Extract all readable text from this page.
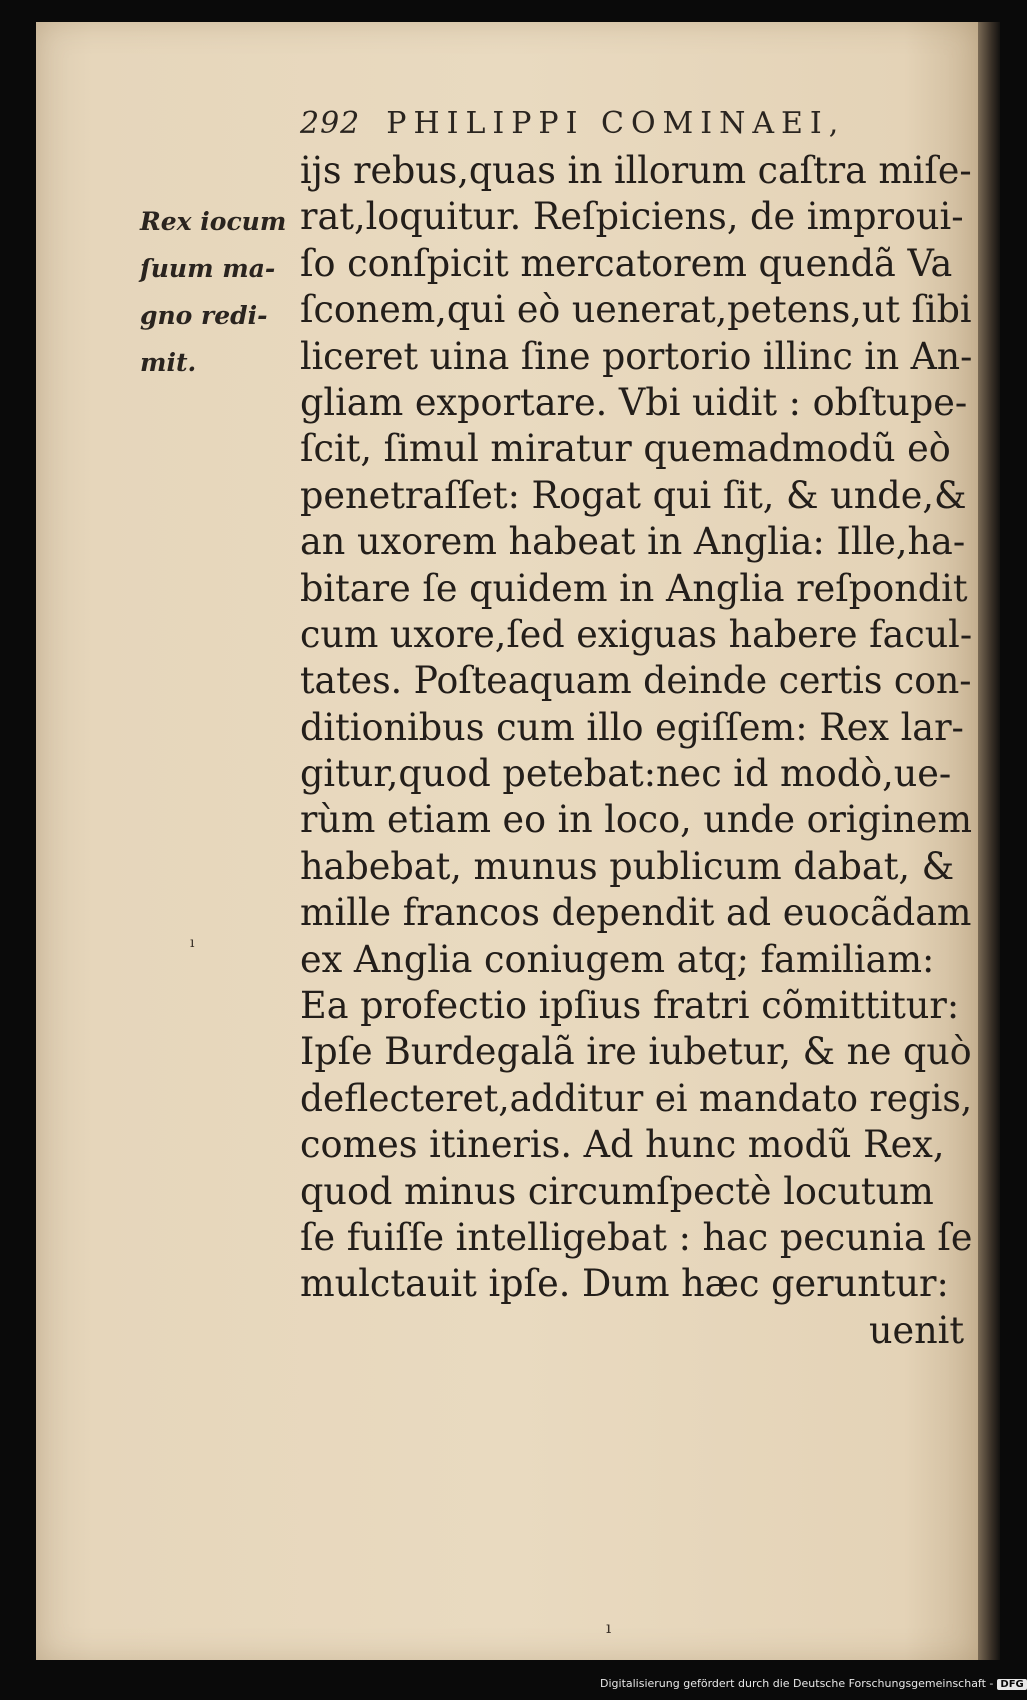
292 PHILIPPI COMINAEI,
Rex iocum
ſuum ma-
gno redi-
mit.
ijs rebus,quas in illorum caſtra miſe-
rat,loquitur. Reſpiciens, de improui-
ſo conſpicit mercatorem quendã Va
ſconem,qui eò uenerat,petens,ut ſibi
liceret uina ſine portorio illinc in An-
gliam exportare. Vbi uidit : obſtupe-
ſcit, ſimul miratur quemadmodũ eò
penetraſſet: Rogat qui ſit, & unde,&
an uxorem habeat in Anglia: Ille,ha-
bitare ſe quidem in Anglia reſpondit
cum uxore,ſed exiguas habere facul-
tates. Poſteaquam deinde certis con-
ditionibus cum illo egiſſem: Rex lar-
gitur,quod petebat:nec id modò,ue-
rùm etiam eo in loco, unde originem
habebat, munus publicum dabat, &
mille francos dependit ad euocãdam
ex Anglia coniugem atq; familiam:
Ea profectio ipſius fratri cõmittitur:
Ipſe Burdegalã ire iubetur, & ne quò
deflecteret,additur ei mandato regis,
comes itineris. Ad hunc modũ Rex,
quod minus circumſpectè locutum
ſe fuiſſe intelligebat : hac pecunia ſe
mulctauit ipſe. Dum hæc geruntur:
uenit
ı
ı
Digitalisierung gefördert durch die Deutsche Forschungsgemeinschaft - DFG
